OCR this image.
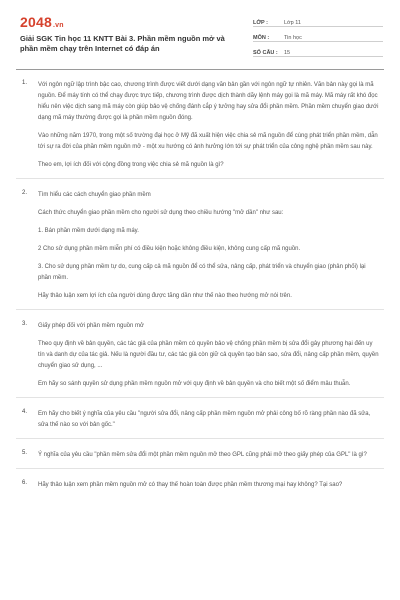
2048.vn
Giải SGK Tin học 11 KNTT Bài 3. Phần mềm nguồn mở và phần mềm chạy trên Internet có đáp án
LỚP :	Lớp 11
MÔN :	Tin học
SỐ CÂU :	15
1. Với ngôn ngữ lập trình bậc cao, chương trình được viết dưới dạng văn bản gần với ngôn ngữ tự nhiên. Văn bản này gọi là mã nguồn. Để máy tính có thể chạy được trực tiếp, chương trình được dịch thành dãy lệnh máy gọi là mã máy. Mã máy rất khó đọc hiểu nên việc dịch sang mã máy còn giúp bảo vệ chống đánh cắp ý tưởng hay sửa đổi phần mềm. Phần mềm chuyển giao dưới dạng mã máy thường được gọi là phần mềm nguồn đóng.

Vào những năm 1970, trong một số trường đại học ở Mỹ đã xuất hiện việc chia sẻ mã nguồn để cùng phát triển phần mềm, dẫn tới sự ra đời của phần mềm nguồn mở - một xu hướng có ảnh hưởng lớn tới sự phát triển của công nghệ phần mềm sau này.

Theo em, lợi ích đối với cộng đồng trong việc chia sẻ mã nguồn là gì?

2. Tìm hiểu các cách chuyển giao phần mềm

Cách thức chuyển giao phần mềm cho người sử dụng theo chiều hướng "mở dần" như sau:

1. Bán phần mềm dưới dạng mã máy.

2 Cho sử dụng phần mềm miễn phí có điều kiện hoặc không điều kiện, không cung cấp mã nguồn.

3. Cho sử dụng phần mềm tự do, cung cấp cả mã nguồn để có thể sửa, nâng cấp, phát triển và chuyển giao (phân phối) lại phần mềm.

Hãy thảo luận xem lợi ích của người dùng được tăng dần như thế nào theo hướng mở nói trên.

3. Giấy phép đối với phần mềm nguồn mở

Theo quy định về bản quyền, các tác giả của phần mềm có quyền bảo vệ chống phần mềm bị sửa đổi gây phương hại đến uy tín và danh dự của tác giả. Nếu là người đầu tư, các tác giả còn giữ cả quyền tạo bản sao, sửa đổi, nâng cấp phần mềm, quyền chuyển giao sử dụng, ...

Em hãy so sánh quyền sử dụng phần mềm nguồn mở với quy định về bản quyền và cho biết một số điểm mâu thuẫn.

4. Em hãy cho biết ý nghĩa của yêu cầu "người sửa đổi, nâng cấp phần mềm nguồn mở phải công bố rõ ràng phần nào đã sửa, sửa thế nào so với bản gốc."

5. Ý nghĩa của yêu cầu "phần mềm sửa đổi một phần mềm nguồn mở theo GPL cũng phải mở theo giấy phép của GPL" là gì?

6. Hãy thảo luận xem phần mềm nguồn mở có thay thế hoàn toàn được phần mềm thương mại hay không? Tại sao?
